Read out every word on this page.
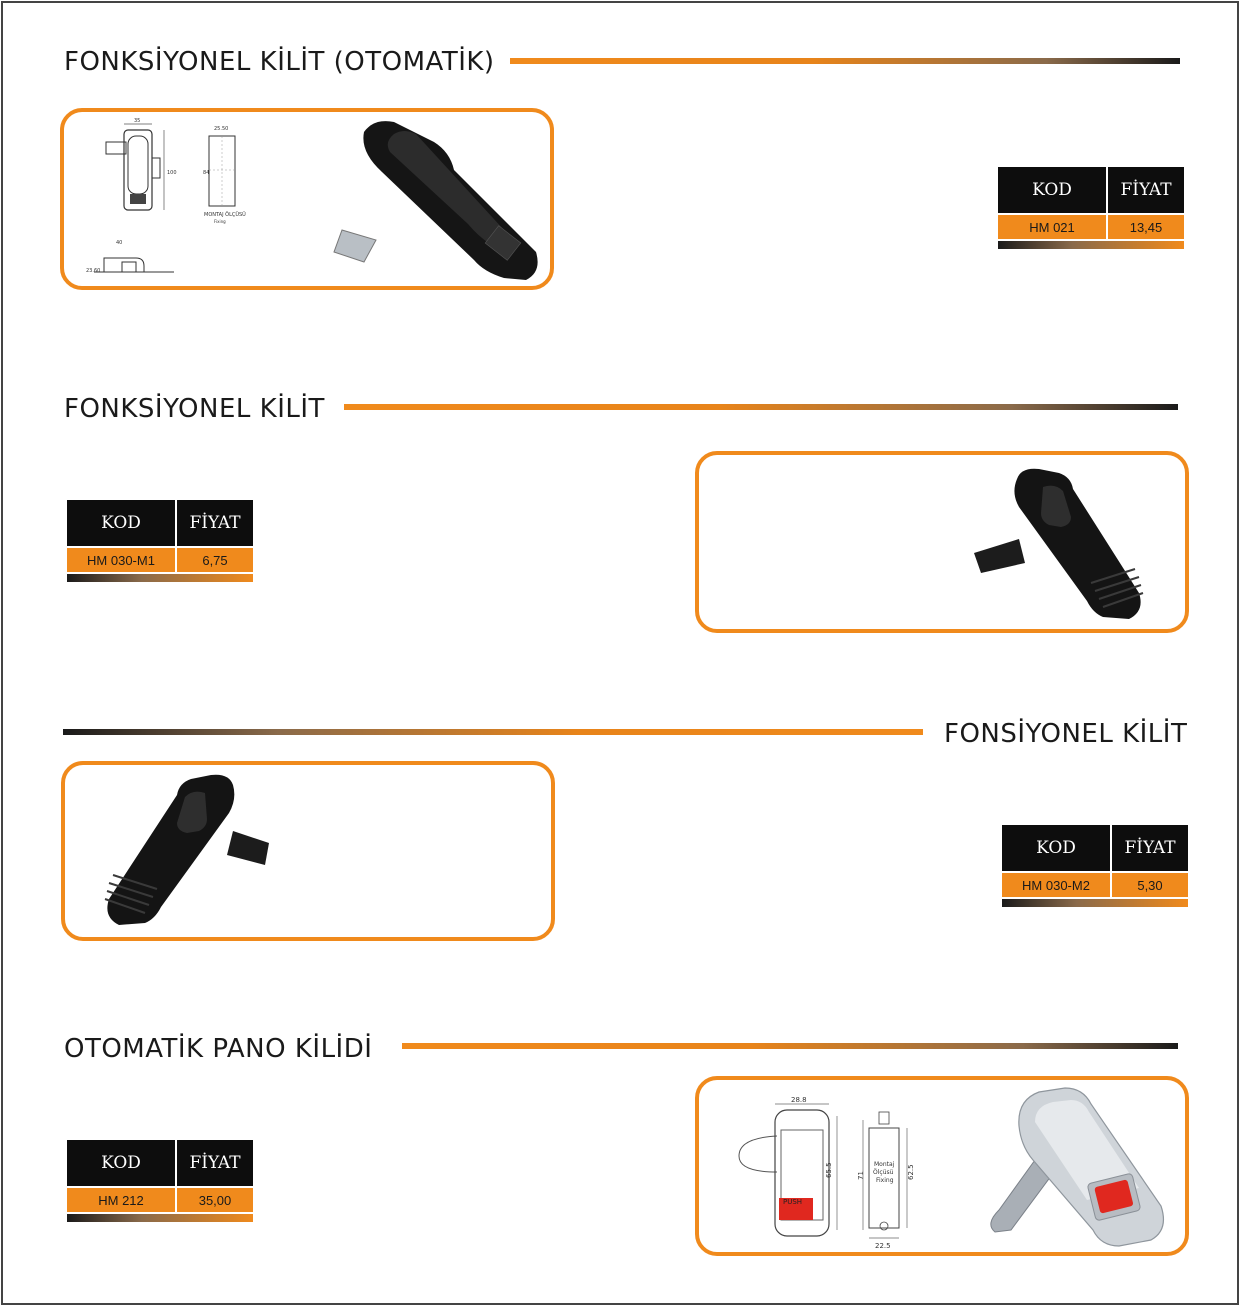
FONKSİYONEL KİLİT (OTOMATİK)
35
100
25.50
84
MONTAJ ÖLÇÜSÜ
Fixing
40
23.60
KOD	FİYAT
HM 021	13,45
FONKSİYONEL KİLİT
KOD	FİYAT
HM 030-M1	6,75
FONSİYONEL KİLİT
KOD	FİYAT
HM 030-M2	5,30
OTOMATİK PANO KİLİDİ
KOD	FİYAT
HM 212	35,00	PUSH
28.8
65.5	Montaj
Ölçüsü
Fixing
71	62.5
22.5
